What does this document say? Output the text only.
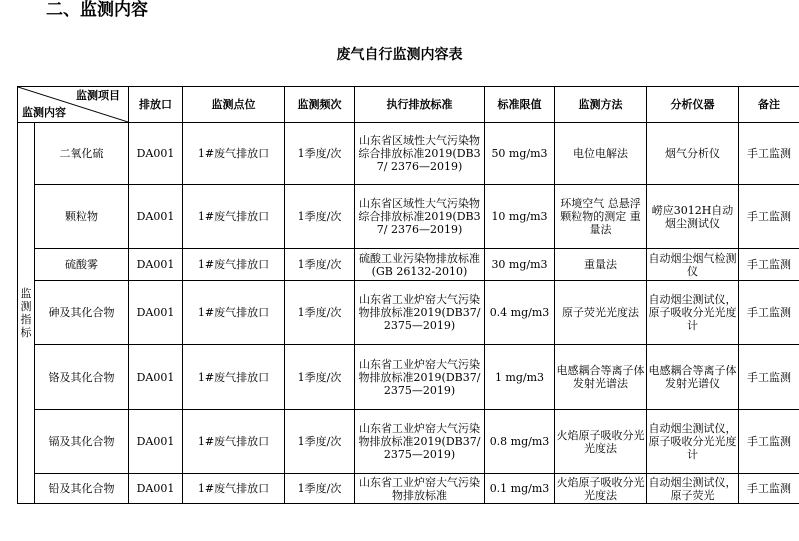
二、监测内容
废气自行监测内容表
监测项目
监测内容		排放口	监测点位	监测频次	执行排放标准	标准限值	监测方法	分析仪器	备注
监测指标	二氧化硫	DA001	1#废气排放口	1季度/次	山东省区域性大气污染物综合排放标准2019(DB37/ 2376—2019)	50 mg/m3	电位电解法	烟气分析仪	手工监测
	颗粒物	DA001	1#废气排放口	1季度/次	山东省区域性大气污染物综合排放标准2019(DB37/ 2376—2019)	10 mg/m3	环境空气 总悬浮颗粒物的测定 重量法	崂应3012H自动烟尘测试仪	手工监测
	硫酸雾	DA001	1#废气排放口	1季度/次	硫酸工业污染物排放标准(GB 26132-2010)	30 mg/m3	重量法	自动烟尘烟气检测仪	手工监测
	砷及其化合物	DA001	1#废气排放口	1季度/次	山东省工业炉窑大气污染物排放标准2019(DB37/ 2375—2019)	0.4 mg/m3	原子荧光光度法	自动烟尘测试仪，原子吸收分光光度计	手工监测
	铬及其化合物	DA001	1#废气排放口	1季度/次	山东省工业炉窑大气污染物排放标准2019(DB37/ 2375—2019)	1 mg/m3	电感耦合等离子体发射光谱法	电感耦合等离子体发射光谱仪	手工监测
	镉及其化合物	DA001	1#废气排放口	1季度/次	山东省工业炉窑大气污染物排放标准2019(DB37/ 2375—2019)	0.8 mg/m3	火焰原子吸收分光光度法	自动烟尘测试仪，原子吸收分光光度计	手工监测
	铅及其化合物	DA001	1#废气排放口	1季度/次	山东省工业炉窑大气污染物排放标准	0.1 mg/m3	火焰原子吸收分光光度法	自动烟尘测试仪，原子荧光	手工监测
